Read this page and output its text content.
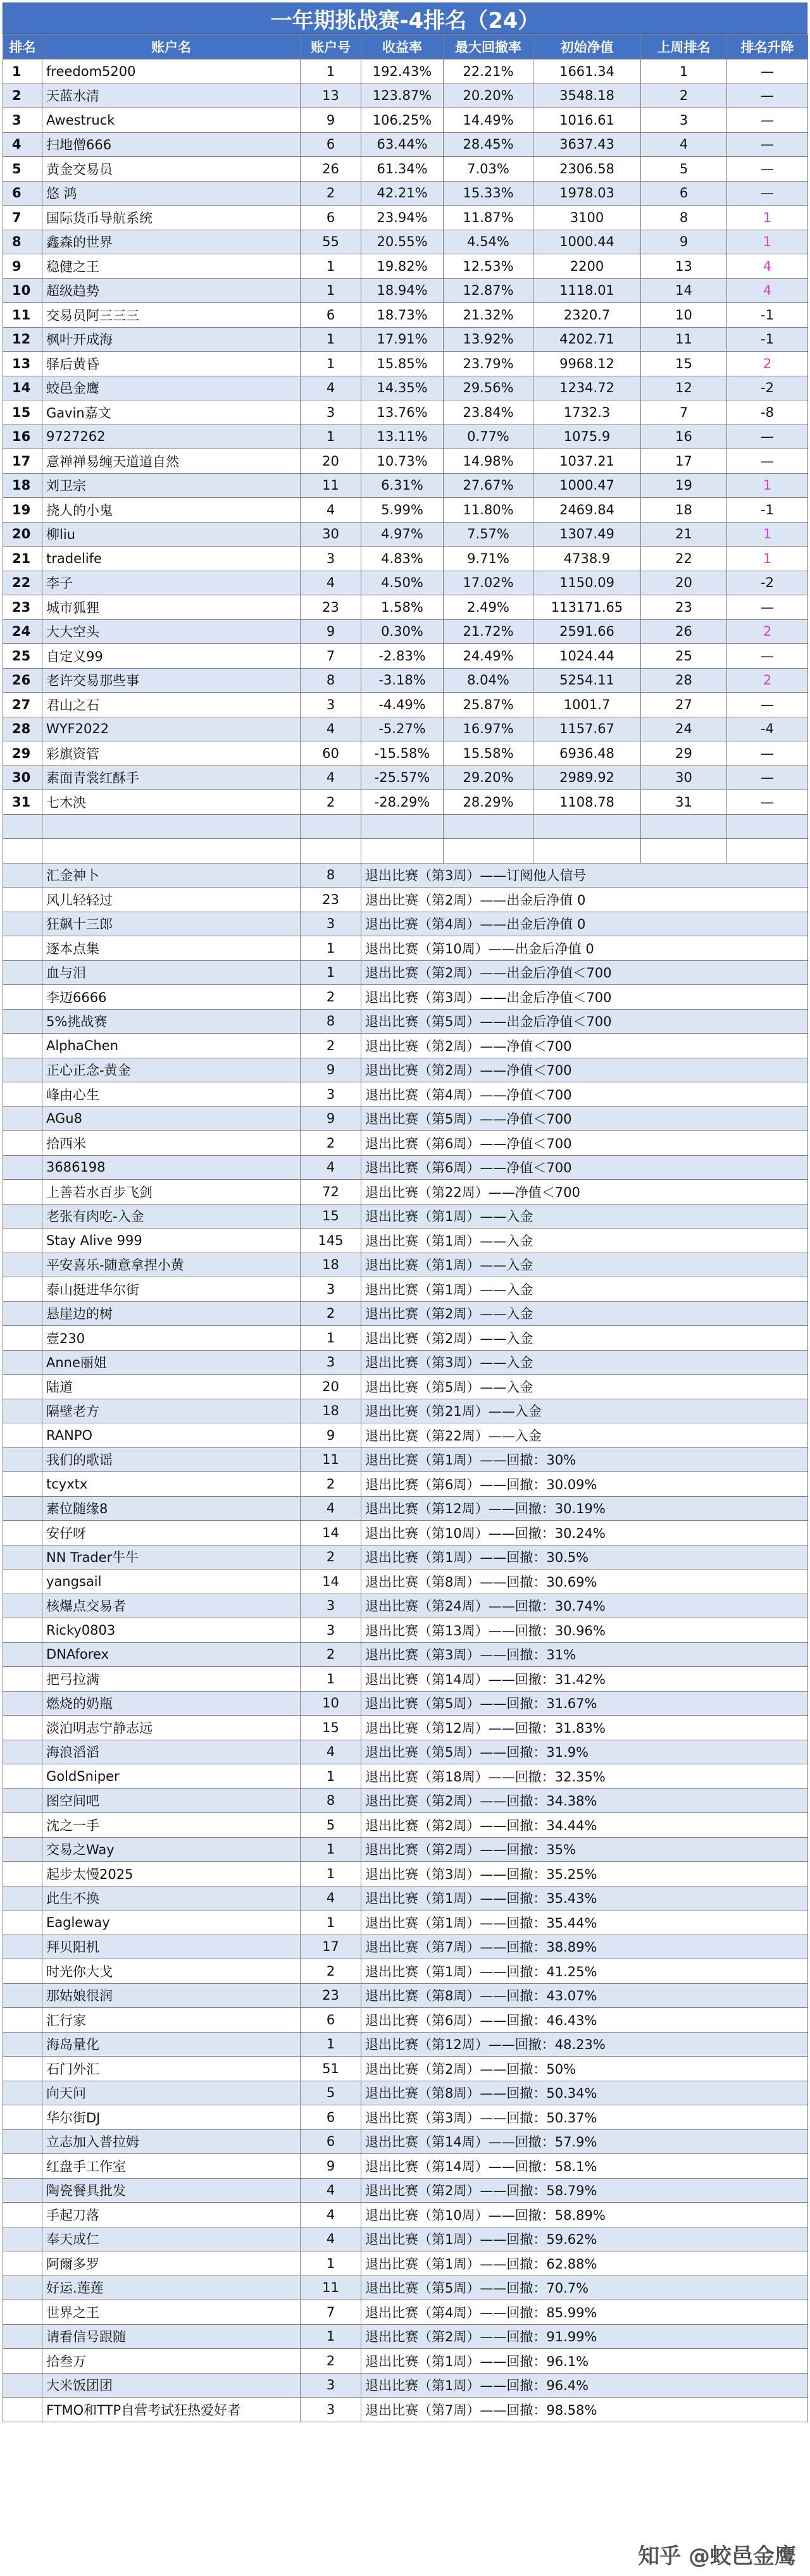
一年期挑战赛-4排名（24）
排名	账户名	账户号	收益率	最大回撤率	初始净值	上周排名	排名升降
1	freedom5200	1	192.43%	22.21%	1661.34	1	—
2	天蓝水清	13	123.87%	20.20%	3548.18	2	—
3	Awestruck	9	106.25%	14.49%	1016.61	3	—
4	扫地僧666	6	63.44%	28.45%	3637.43	4	—
5	黄金交易员	26	61.34%	7.03%	2306.58	5	—
6	悠 鸿	2	42.21%	15.33%	1978.03	6	—
7	国际货币导航系统	6	23.94%	11.87%	3100	8	1
8	鑫森的世界	55	20.55%	4.54%	1000.44	9	1
9	稳健之王	1	19.82%	12.53%	2200	13	4
10	超级趋势	1	18.94%	12.87%	1118.01	14	4
11	交易员阿三三三	6	18.73%	21.32%	2320.7	10	-1
12	枫叶开成海	1	17.91%	13.92%	4202.71	11	-1
13	驿后黄昏	1	15.85%	23.79%	9968.12	15	2
14	蛟邑金鹰	4	14.35%	29.56%	1234.72	12	-2
15	Gavin嘉文	3	13.76%	23.84%	1732.3	7	-8
16	9727262	1	13.11%	0.77%	1075.9	16	—
17	意禅禅易缠天道道自然	20	10.73%	14.98%	1037.21	17	—
18	刘卫宗	11	6.31%	27.67%	1000.47	19	1
19	挠人的小鬼	4	5.99%	11.80%	2469.84	18	-1
20	柳liu	30	4.97%	7.57%	1307.49	21	1
21	tradelife	3	4.83%	9.71%	4738.9	22	1
22	李子	4	4.50%	17.02%	1150.09	20	-2
23	城市狐狸	23	1.58%	2.49%	113171.65	23	—
24	大大空头	9	0.30%	21.72%	2591.66	26	2
25	自定义99	7	-2.83%	24.49%	1024.44	25	—
26	老许交易那些事	8	-3.18%	8.04%	5254.11	28	2
27	君山之石	3	-4.49%	25.87%	1001.7	27	—
28	WYF2022	4	-5.27%	16.97%	1157.67	24	-4
29	彩旗资管	60	-15.58%	15.58%	6936.48	29	—
30	素面青裳红酥手	4	-25.57%	29.20%	2989.92	30	—
31	七木泱	2	-28.29%	28.29%	1108.78	31	—

	汇金神卜	8	退出比赛（第3周）——订阅他人信号				
	风儿轻轻过	23	退出比赛（第2周）——出金后净值 0				
	狂飙十三郎	3	退出比赛（第4周）——出金后净值 0				
	逐本点集	1	退出比赛（第10周）——出金后净值 0				
	血与泪	1	退出比赛（第2周）——出金后净值＜700				
	李迈6666	2	退出比赛（第3周）——出金后净值＜700				
	5%挑战赛	8	退出比赛（第5周）——出金后净值＜700				
	AlphaChen	2	退出比赛（第2周）——净值＜700				
	正心正念-黄金	9	退出比赛（第2周）——净值＜700				
	峰由心生	3	退出比赛（第4周）——净值＜700				
	AGu8	9	退出比赛（第5周）——净值＜700				
	拾西米	2	退出比赛（第6周）——净值＜700				
	3686198	4	退出比赛（第6周）——净值＜700				
	上善若水百步飞剑	72	退出比赛（第22周）——净值＜700				
	老张有肉吃-入金	15	退出比赛（第1周）——入金				
	Stay Alive 999	145	退出比赛（第1周）——入金				
	平安喜乐-随意拿捏小黄	18	退出比赛（第1周）——入金				
	泰山挺进华尔街	3	退出比赛（第1周）——入金				
	悬崖边的树	2	退出比赛（第2周）——入金				
	壹230	1	退出比赛（第2周）——入金				
	Anne丽姐	3	退出比赛（第3周）——入金				
	陆道	20	退出比赛（第5周）——入金				
	隔壁老方	18	退出比赛（第21周）——入金				
	RANPO	9	退出比赛（第22周）——入金				
	我们的歌谣	11	退出比赛（第1周）——回撤：30%				
	tcyxtx	2	退出比赛（第6周）——回撤：30.09%				
	素位随缘8	4	退出比赛（第12周）——回撤：30.19%				
	安仔呀	14	退出比赛（第10周）——回撤：30.24%				
	NN Trader牛牛	2	退出比赛（第1周）——回撤：30.5%				
	yangsail	14	退出比赛（第8周）——回撤：30.69%				
	核爆点交易者	3	退出比赛（第24周）——回撤：30.74%				
	Ricky0803	3	退出比赛（第13周）——回撤：30.96%				
	DNAforex	2	退出比赛（第3周）——回撤：31%				
	把弓拉满	1	退出比赛（第14周）——回撤：31.42%				
	燃烧的奶瓶	10	退出比赛（第5周）——回撤：31.67%				
	淡泊明志宁静志远	15	退出比赛（第12周）——回撤：31.83%				
	海浪滔滔	4	退出比赛（第5周）——回撤：31.9%				
	GoldSniper	1	退出比赛（第18周）——回撤：32.35%				
	图空间吧	8	退出比赛（第2周）——回撤：34.38%				
	沈之一手	5	退出比赛（第2周）——回撤：34.44%				
	交易之Way	1	退出比赛（第2周）——回撤：35%				
	起步太慢2025	1	退出比赛（第3周）——回撤：35.25%				
	此生不换	4	退出比赛（第1周）——回撤：35.43%				
	Eagleway	1	退出比赛（第1周）——回撤：35.44%				
	拜贝阳机	17	退出比赛（第7周）——回撤：38.89%				
	时光你大戈	2	退出比赛（第1周）——回撤：41.25%				
	那姑娘很润	23	退出比赛（第8周）——回撤：43.07%				
	汇行家	6	退出比赛（第6周）——回撤：46.43%				
	海岛量化	1	退出比赛（第12周）——回撤：48.23%				
	石门外汇	51	退出比赛（第2周）——回撤：50%				
	向天问	5	退出比赛（第8周）——回撤：50.34%				
	华尔街DJ	6	退出比赛（第3周）——回撤：50.37%				
	立志加入普拉姆	6	退出比赛（第14周）——回撤：57.9%				
	红盘手工作室	9	退出比赛（第14周）——回撤：58.1%				
	陶瓷餐具批发	4	退出比赛（第2周）——回撤：58.79%				
	手起刀落	4	退出比赛（第10周）——回撤：58.89%				
	奉天成仁	4	退出比赛（第1周）——回撤：59.62%				
	阿爾多罗	1	退出比赛（第1周）——回撤：62.88%				
	好运.莲莲	11	退出比赛（第5周）——回撤：70.7%				
	世界之王	7	退出比赛（第4周）——回撤：85.99%				
	请看信号跟随	1	退出比赛（第2周）——回撤：91.99%				
	拾叁万	2	退出比赛（第1周）——回撤：96.1%				
	大米饭团团	3	退出比赛（第1周）——回撤：96.4%				
	FTMO和TTP自营考试狂热爱好者	3	退出比赛（第7周）——回撤：98.58%				
知乎 @蛟邑金鹰
